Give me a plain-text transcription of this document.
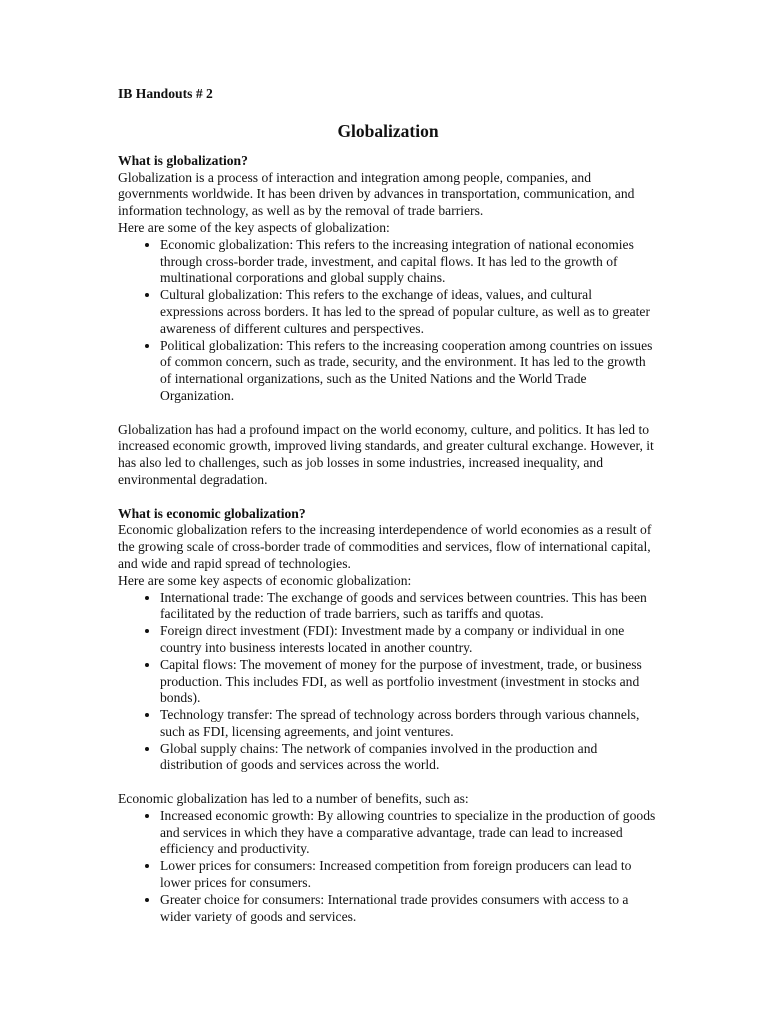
IB Handouts # 2
Globalization
What is globalization?

Globalization is a process of interaction and integration among people, companies, and governments worldwide. It has been driven by advances in transportation, communication, and information technology, as well as by the removal of trade barriers.

Here are some of the key aspects of globalization:

• Economic globalization: This refers to the increasing integration of national economies through cross-border trade, investment, and capital flows. It has led to the growth of multinational corporations and global supply chains.
• Cultural globalization: This refers to the exchange of ideas, values, and cultural expressions across borders. It has led to the spread of popular culture, as well as to greater awareness of different cultures and perspectives.
• Political globalization: This refers to the increasing cooperation among countries on issues of common concern, such as trade, security, and the environment. It has led to the growth of international organizations, such as the United Nations and the World Trade Organization.

Globalization has had a profound impact on the world economy, culture, and politics. It has led to increased economic growth, improved living standards, and greater cultural exchange. However, it has also led to challenges, such as job losses in some industries, increased inequality, and environmental degradation.

What is economic globalization?

Economic globalization refers to the increasing interdependence of world economies as a result of the growing scale of cross-border trade of commodities and services, flow of international capital, and wide and rapid spread of technologies.

Here are some key aspects of economic globalization:

• International trade: The exchange of goods and services between countries. This has been facilitated by the reduction of trade barriers, such as tariffs and quotas.
• Foreign direct investment (FDI): Investment made by a company or individual in one country into business interests located in another country.
• Capital flows: The movement of money for the purpose of investment, trade, or business production. This includes FDI, as well as portfolio investment (investment in stocks and bonds).
• Technology transfer: The spread of technology across borders through various channels, such as FDI, licensing agreements, and joint ventures.
• Global supply chains: The network of companies involved in the production and distribution of goods and services across the world.

Economic globalization has led to a number of benefits, such as:

• Increased economic growth: By allowing countries to specialize in the production of goods and services in which they have a comparative advantage, trade can lead to increased efficiency and productivity.
• Lower prices for consumers: Increased competition from foreign producers can lead to lower prices for consumers.
• Greater choice for consumers: International trade provides consumers with access to a wider variety of goods and services.
